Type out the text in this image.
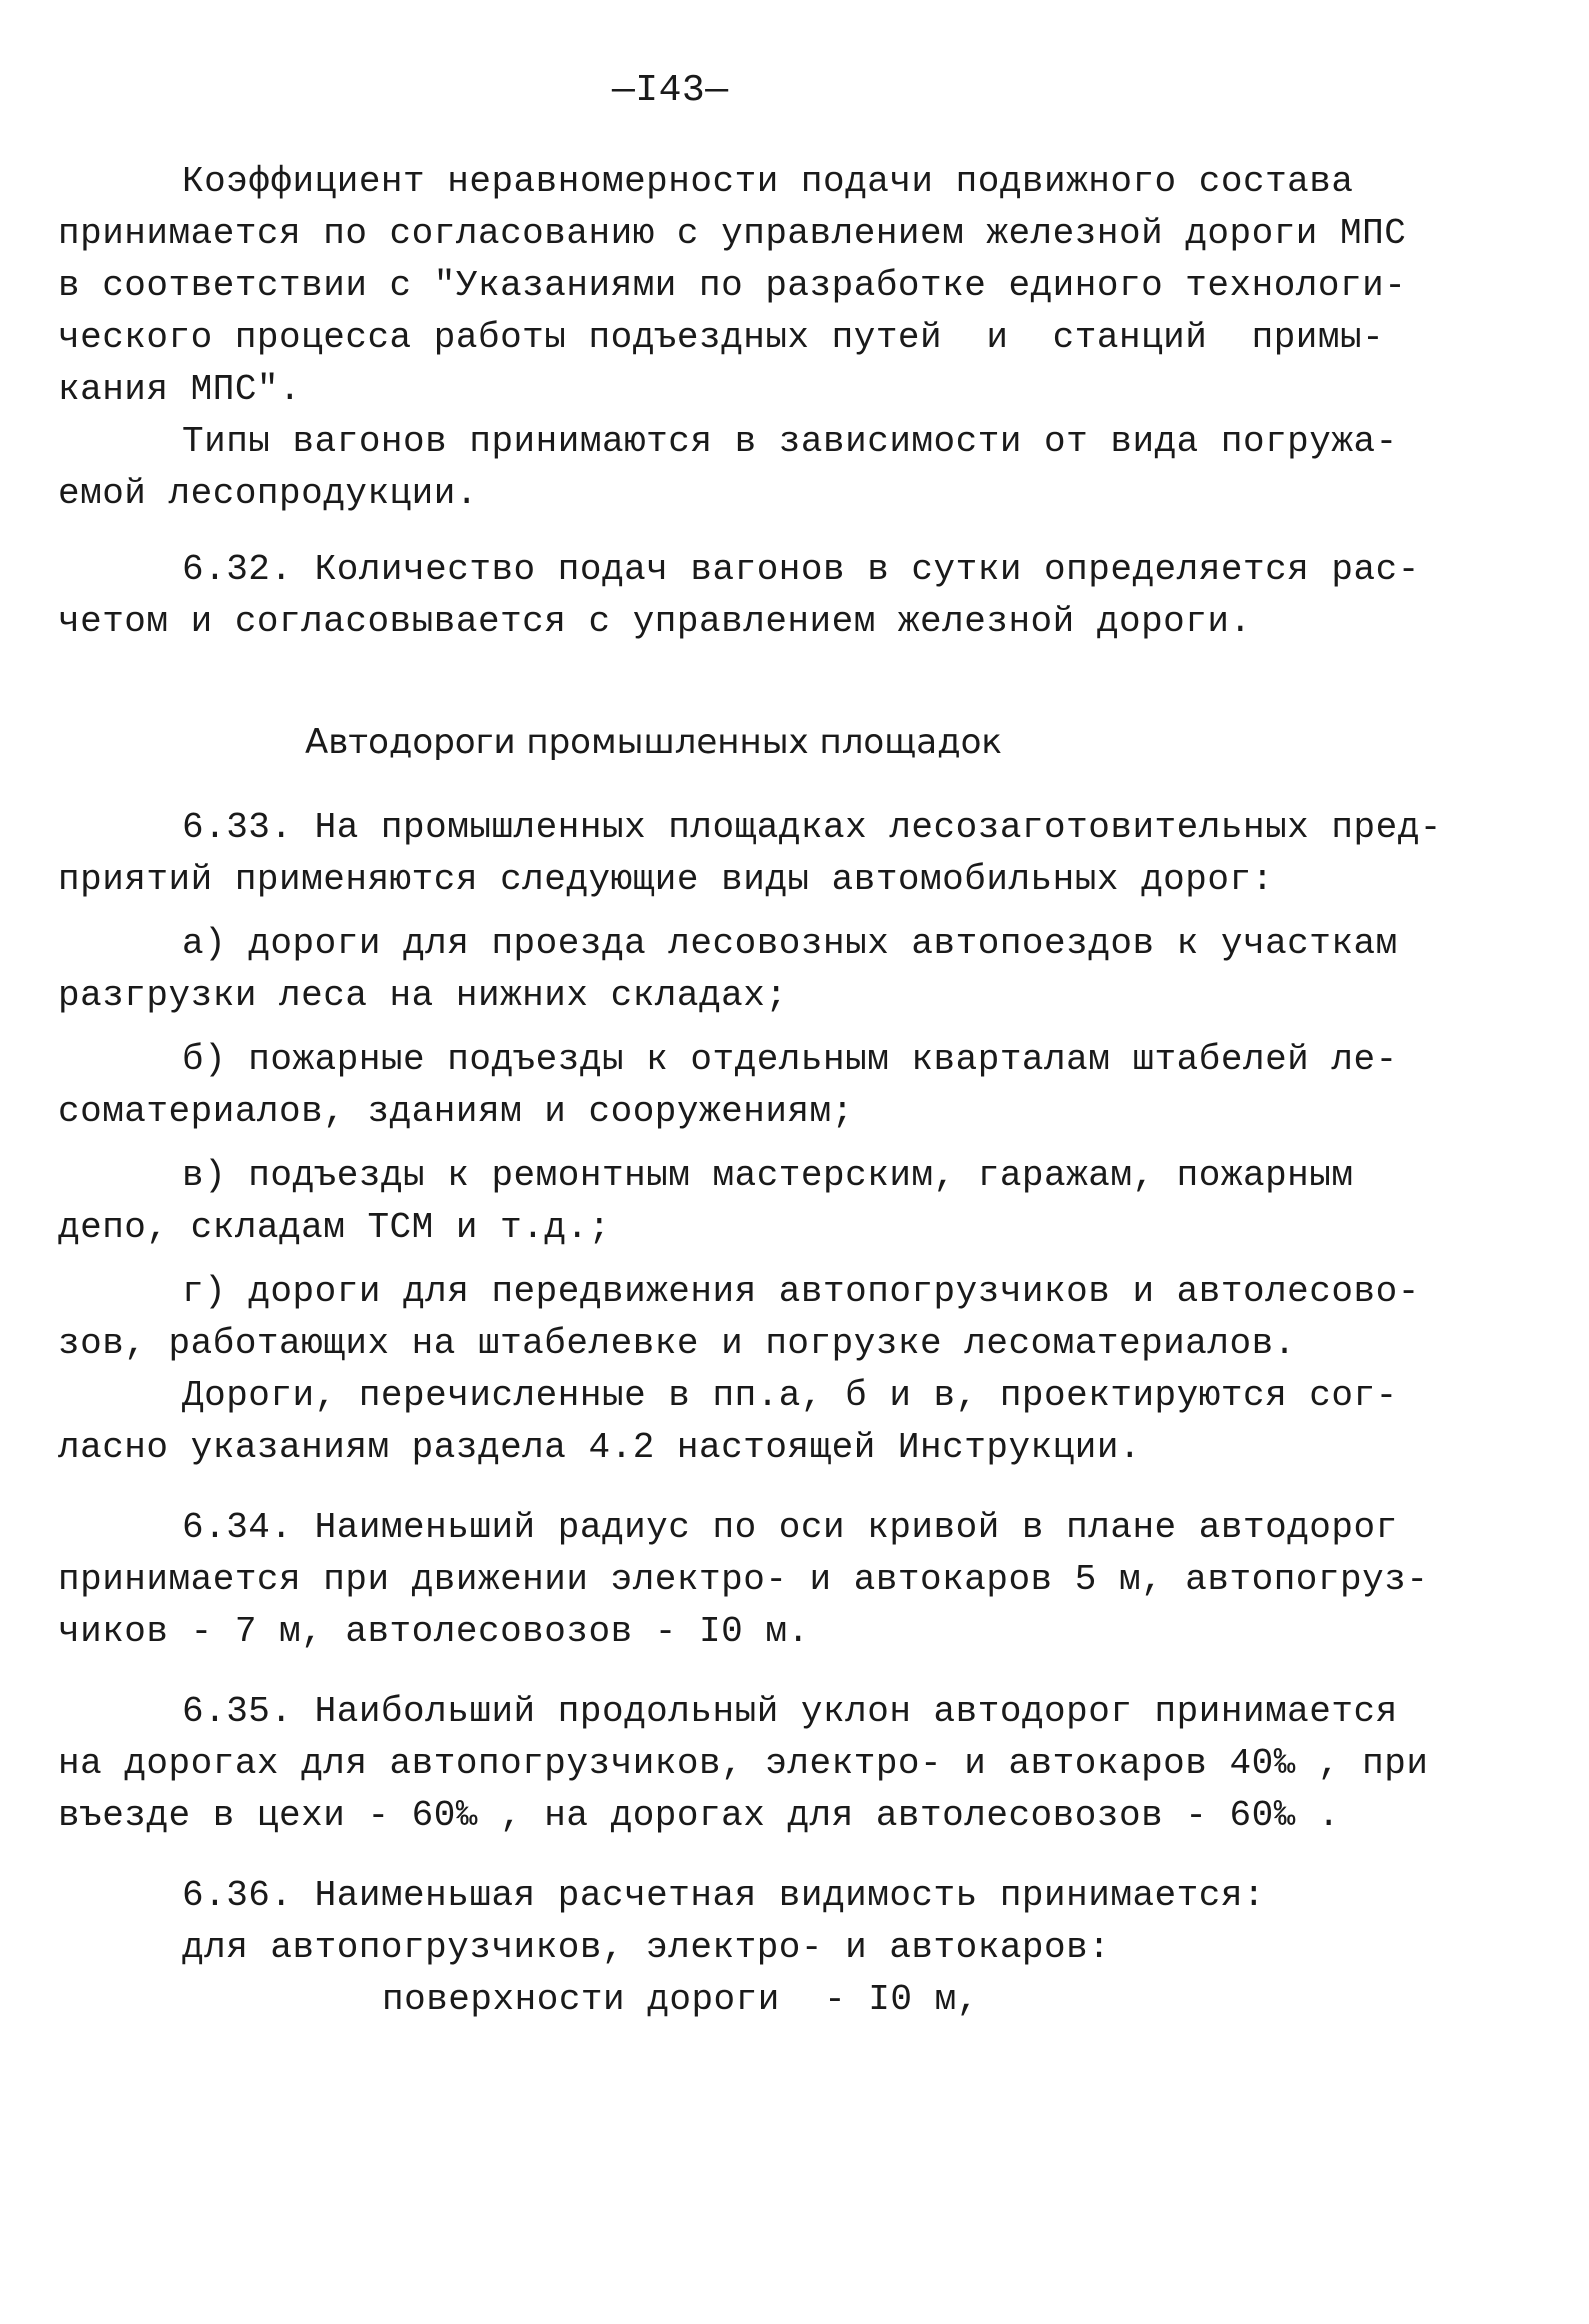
—I43—
Коэффициент неравномерности подачи подвижного состава
принимается по согласованию с управлением железной дороги МПС
в соответствии с "Указаниями по разработке единого технологи-
ческого процесса работы подъездных путей  и  станций  примы-
кания МПС".
Типы вагонов принимаются в зависимости от вида погружа-
емой лесопродукции.
6.32. Количество подач вагонов в сутки определяется рас-
четом и согласовывается с управлением железной дороги.
Автодороги промышленных площадок
6.33. На промышленных площадках лесозаготовительных пред-
приятий применяются следующие виды автомобильных дорог:
а) дороги для проезда лесовозных автопоездов к участкам
разгрузки леса на нижних складах;
б) пожарные подъезды к отдельным кварталам штабелей ле-
соматериалов, зданиям и сооружениям;
в) подъезды к ремонтным мастерским, гаражам, пожарным
депо, складам ТСМ и т.д.;
г) дороги для передвижения автопогрузчиков и автолесово-
зов, работающих на штабелевке и погрузке лесоматериалов.
Дороги, перечисленные в пп.а, б и в, проектируются сог-
ласно указаниям раздела 4.2 настоящей Инструкции.
6.34. Наименьший радиус по оси кривой в плане автодорог
принимается при движении электро- и автокаров 5 м, автопогруз-
чиков - 7 м, автолесовозов - I0 м.
6.35. Наибольший продольный уклон автодорог принимается
на дорогах для автопогрузчиков, электро- и автокаров 40‰ , при
въезде в цехи - 60‰ , на дорогах для автолесовозов - 60‰ .
6.36. Наименьшая расчетная видимость принимается:
для автопогрузчиков, электро- и автокаров:
поверхности дороги  - I0 м,
